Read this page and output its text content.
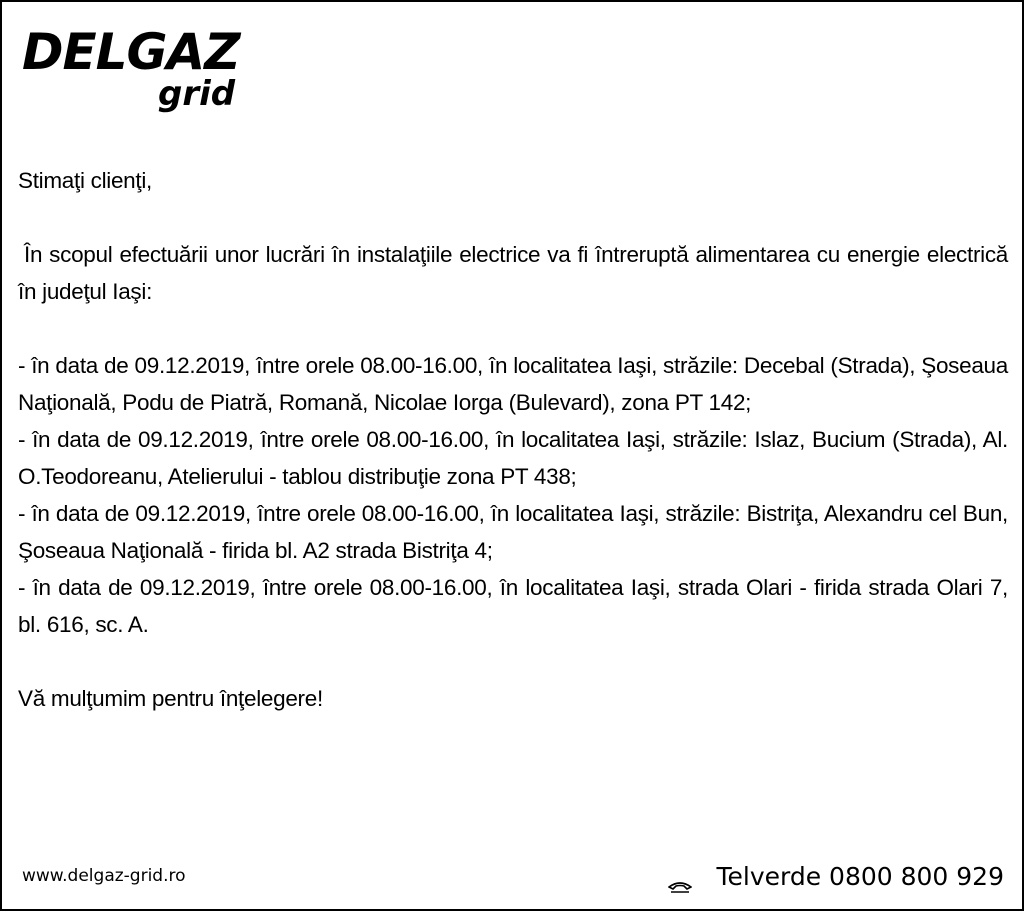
DELGAZ
grid

Stimaţi clienţi,

În scopul efectuării unor lucrări în instalaţiile electrice va fi întreruptă alimentarea cu energie electrică în judeţul Iaşi:

- în data de 09.12.2019, între orele 08.00-16.00, în localitatea Iaşi, străzile: Decebal (Strada), Şoseaua Naţională, Podu de Piatră, Romană, Nicolae Iorga (Bulevard), zona PT 142;
- în data de 09.12.2019, între orele 08.00-16.00, în localitatea Iaşi, străzile: Islaz, Bucium (Strada), Al. O.Teodoreanu, Atelierului - tablou distribuţie zona PT 438;
- în data de 09.12.2019, între orele 08.00-16.00, în localitatea Iaşi, străzile: Bistriţa, Alexandru cel Bun, Şoseaua Naţională - firida bl. A2 strada Bistriţa 4;
- în data de 09.12.2019, între orele 08.00-16.00, în localitatea Iaşi, strada Olari - firida strada Olari 7, bl. 616, sc. A.

Vă mulţumim pentru înţelegere!

www.delgaz-grid.ro	Telverde 0800 800 929
